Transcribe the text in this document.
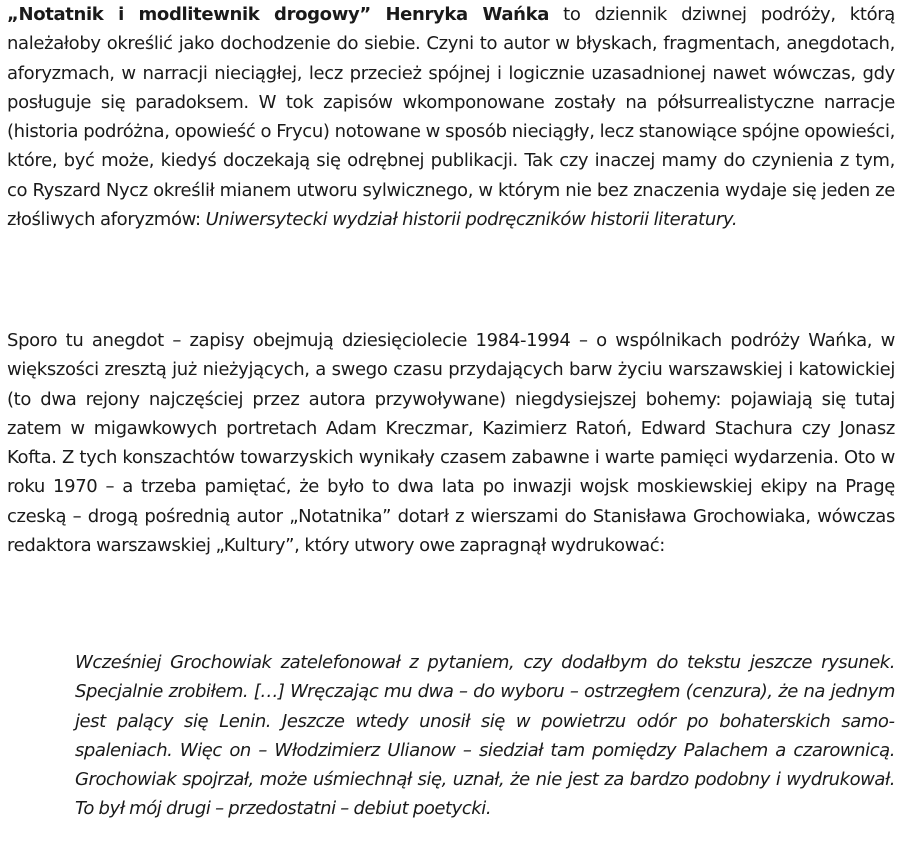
„Notatnik i modlitewnik drogowy” Henryka Wańka to dziennik dziwnej podróży, którą należałoby określić jako dochodzenie do siebie. Czyni to autor w błyskach, fragmentach, anegdotach, aforyzmach, w narracji nieciągłej, lecz przecież spójnej i logicznie uzasadnionej nawet wówczas, gdy posługuje się paradoksem. W tok zapisów wkomponowane zostały na półsurrealistyczne narracje (historia podróżna, opowieść o Frycu) notowane w sposób nieciągły, lecz stanowiące spójne opowieści, które, być może, kiedyś doczekają się odrębnej publikacji. Tak czy inaczej mamy do czynienia z tym, co Ryszard Nycz określił mianem utworu sylwicznego, w którym nie bez znaczenia wydaje się jeden ze złośliwych aforyzmów: Uniwersytecki wydział historii podręczników historii literatury.

Sporo tu anegdot – zapisy obejmują dziesięciolecie 1984-1994 – o wspólnikach podróży Wańka, w większości zresztą już nieżyjących, a swego czasu przydających barw życiu warszawskiej i katowickiej (to dwa rejony najczęściej przez autora przywoływane) niegdysiejszej bohemy: pojawiają się tutaj zatem w migawkowych portretach Adam Kreczmar, Kazimierz Ratoń, Edward Stachura czy Jonasz Kofta. Z tych konszachtów towarzyskich wynikały czasem zabawne i warte pamięci wydarzenia. Oto w roku 1970 – a trzeba pamiętać, że było to dwa lata po inwazji wojsk moskiewskiej ekipy na Pragę czeską – drogą pośrednią autor „Notatnika” dotarł z wierszami do Stanisława Grochowiaka, wówczas redaktora warszawskiej „Kultury”, który utwory owe zapragnął wydrukować:

Wcześniej Grochowiak zatelefonował z pytaniem, czy dodałbym do tekstu jeszcze rysunek. Specjalnie zrobiłem. […] Wręczając mu dwa – do wyboru – ostrzegłem (cenzura), że na jednym jest palący się Lenin. Jeszcze wtedy unosił się w powietrzu odór po bohaterskich samospaleniach. Więc on – Włodzimierz Ulianow – siedział tam pomiędzy Palachem a czarownicą. Grochowiak spojrzał, może uśmiechnął się, uznał, że nie jest za bardzo podobny i wydrukował. To był mój drugi – przedostatni – debiut poetycki.
